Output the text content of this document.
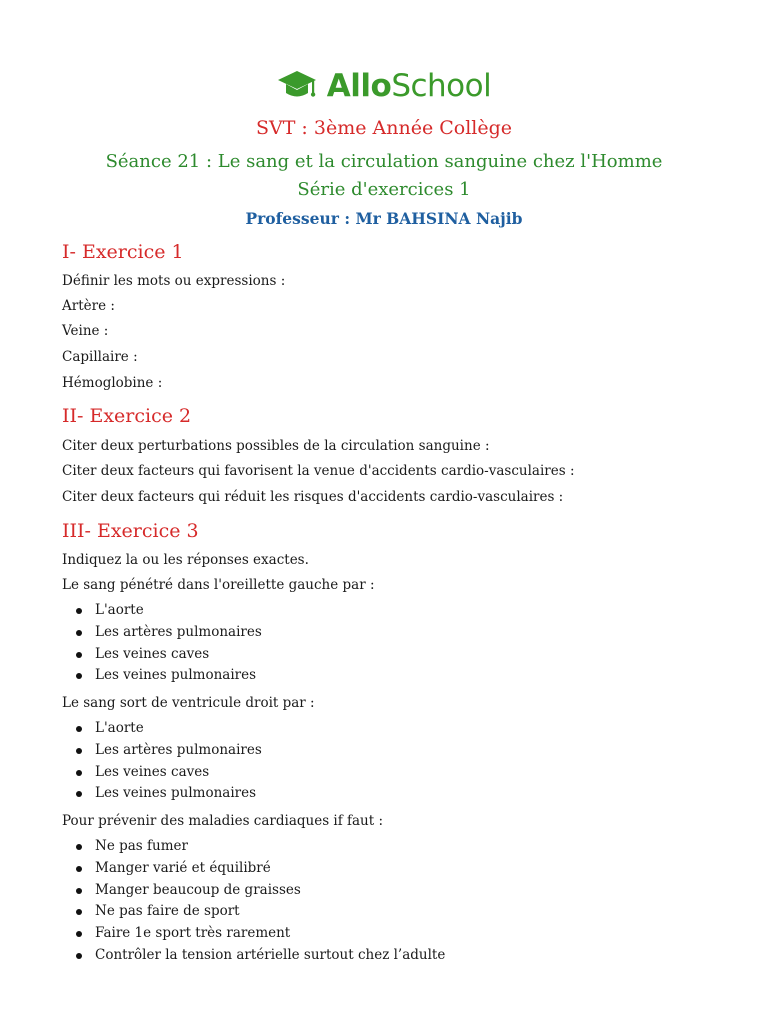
AlloSchool
SVT : 3ème Année Collège
Séance 21 : Le sang et la circulation sanguine chez l'Homme
Série d'exercices 1
Professeur : Mr BAHSINA Najib
I- Exercice 1
Définir les mots ou expressions :
Artère :
Veine :
Capillaire :
Hémoglobine :
II- Exercice 2
Citer deux perturbations possibles de la circulation sanguine :
Citer deux facteurs qui favorisent la venue d'accidents cardio-vasculaires :
Citer deux facteurs qui réduit les risques d'accidents cardio-vasculaires :
III- Exercice 3
Indiquez la ou les réponses exactes.
Le sang pénétré dans l'oreillette gauche par :
L'aorte
Les artères pulmonaires
Les veines caves
Les veines pulmonaires
Le sang sort de ventricule droit par :
L'aorte
Les artères pulmonaires
Les veines caves
Les veines pulmonaires
Pour prévenir des maladies cardiaques if faut :
Ne pas fumer
Manger varié et équilibré
Manger beaucoup de graisses
Ne pas faire de sport
Faire 1e sport très rarement
Contrôler la tension artérielle surtout chez l’adulte
